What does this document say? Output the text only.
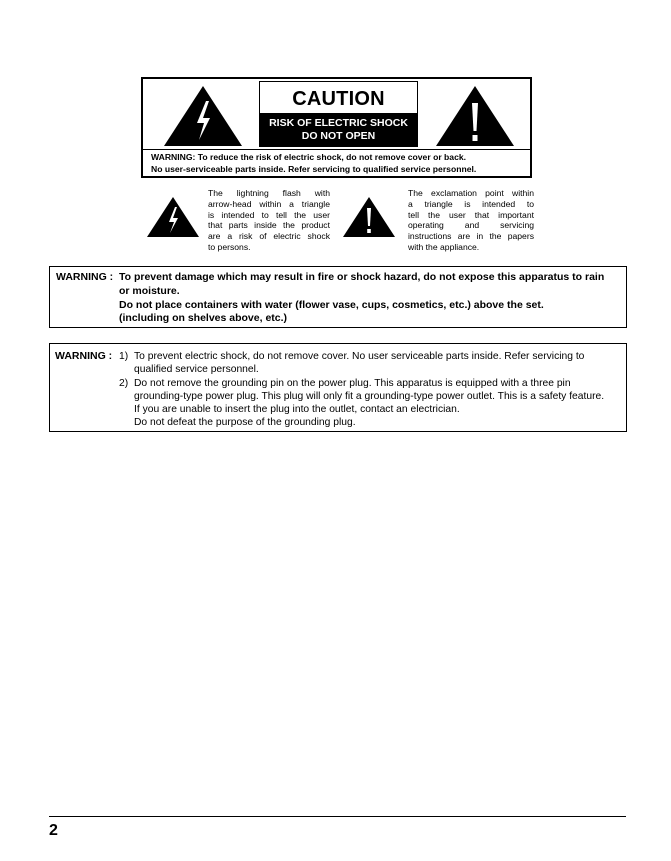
CAUTION
RISK OF ELECTRIC SHOCK
DO NOT OPEN
WARNING: To reduce the risk of electric shock, do not remove cover or back.
No user-serviceable parts inside. Refer servicing to qualified service personnel.
The lightning flash with
arrow-head within a triangle
is intended to tell the user
that parts inside the product
are a risk of electric shock
to persons.
The exclamation point within
a triangle is intended to
tell the user that important
operating and servicing
instructions are in the papers
with the appliance.
WARNING : To prevent damage which may result in fire or shock hazard, do not expose this apparatus to rain
or moisture.
Do not place containers with water (flower vase, cups, cosmetics, etc.) above the set.
(including on shelves above, etc.)
WARNING : 1) To prevent electric shock, do not remove cover. No user serviceable parts inside. Refer servicing to
qualified service personnel.
2) Do not remove the grounding pin on the power plug. This apparatus is equipped with a three pin
grounding-type power plug. This plug will only fit a grounding-type power outlet. This is a safety feature.
If you are unable to insert the plug into the outlet, contact an electrician.
Do not defeat the purpose of the grounding plug.
2
